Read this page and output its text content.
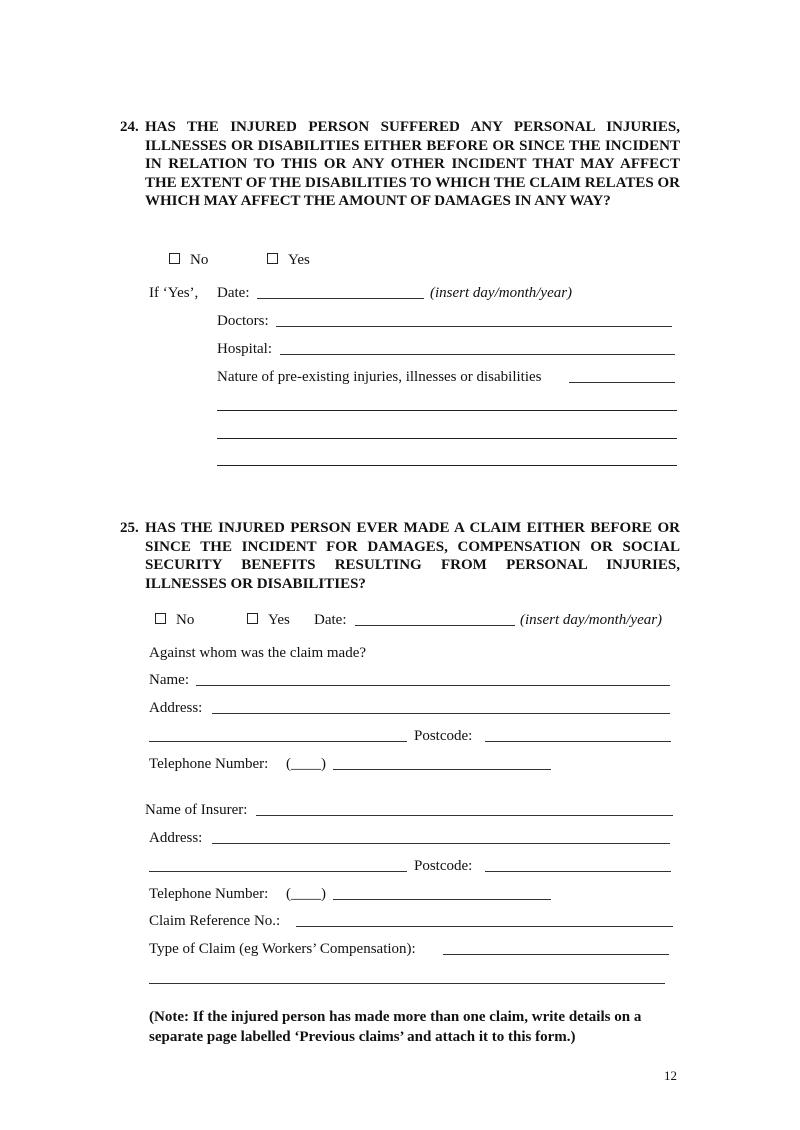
24. HAS THE INJURED PERSON SUFFERED ANY PERSONAL INJURIES, ILLNESSES OR DISABILITIES EITHER BEFORE OR SINCE THE INCIDENT IN RELATION TO THIS OR ANY OTHER INCIDENT THAT MAY AFFECT THE EXTENT OF THE DISABILITIES TO WHICH THE CLAIM RELATES OR WHICH MAY AFFECT THE AMOUNT OF DAMAGES IN ANY WAY?
No	Yes
If ‘Yes’, Date:	(insert day/month/year)
Doctors:
Hospital:
Nature of pre-existing injuries, illnesses or disabilities
25. HAS THE INJURED PERSON EVER MADE A CLAIM EITHER BEFORE OR SINCE THE INCIDENT FOR DAMAGES, COMPENSATION OR SOCIAL SECURITY BENEFITS RESULTING FROM PERSONAL INJURIES, ILLNESSES OR DISABILITIES?
No	Yes Date:	(insert day/month/year)
Against whom was the claim made?
Name:
Address:
Postcode:
Telephone Number: (____)
Name of Insurer:
Address:
Postcode:
Telephone Number: (____)
Claim Reference No.:
Type of Claim (eg Workers’ Compensation):
(Note: If the injured person has made more than one claim, write details on a separate page labelled ‘Previous claims’ and attach it to this form.)
12
